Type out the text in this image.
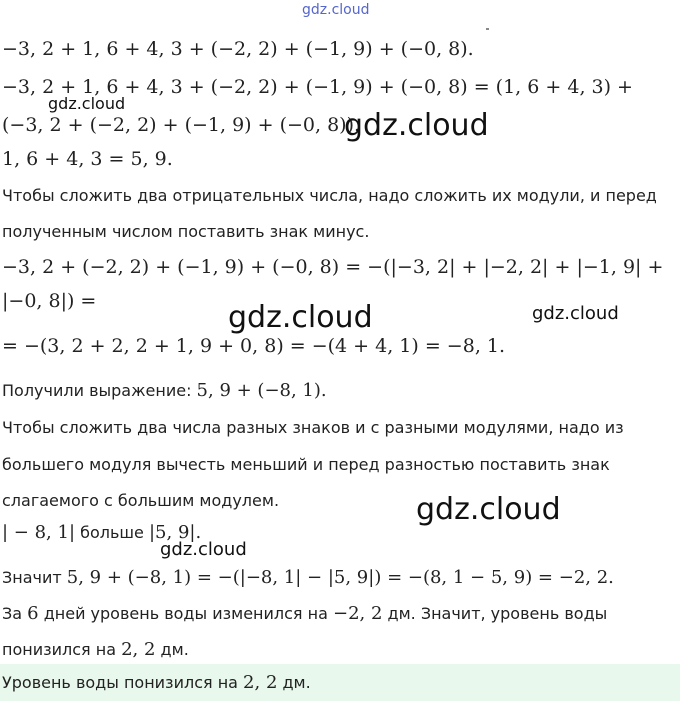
gdz.cloud
−3, 2 + 1, 6 + 4, 3 + (−2, 2) + (−1, 9) + (−0, 8).
−3, 2 + 1, 6 + 4, 3 + (−2, 2) + (−1, 9) + (−0, 8) = (1, 6 + 4, 3) +
(−3, 2 + (−2, 2) + (−1, 9) + (−0, 8)).
1, 6 + 4, 3 = 5, 9.
Чтобы сложить два отрицательных числа, надо сложить их модули, и перед
полученным числом поставить знак минус.
−3, 2 + (−2, 2) + (−1, 9) + (−0, 8) = −(|−3, 2| + |−2, 2| + |−1, 9| +
|−0, 8|) =
= −(3, 2 + 2, 2 + 1, 9 + 0, 8) = −(4 + 4, 1) = −8, 1.
Получили выражение: 5, 9 + (−8, 1).
Чтобы сложить два числа разных знаков и с разными модулями, надо из
большего модуля вычесть меньший и перед разностью поставить знак
слагаемого с большим модулем.
| − 8, 1| больше |5, 9|.
Значит 5, 9 + (−8, 1) = −(|−8, 1| − |5, 9|) = −(8, 1 − 5, 9) = −2, 2.
За 6 дней уровень воды изменился на −2, 2 дм. Значит, уровень воды
понизился на 2, 2 дм.
Уровень воды понизился на 2, 2 дм.
gdz.cloud
gdz.cloud
gdz.cloud	gdz.cloud
gdz.cloud
gdz.cloud
